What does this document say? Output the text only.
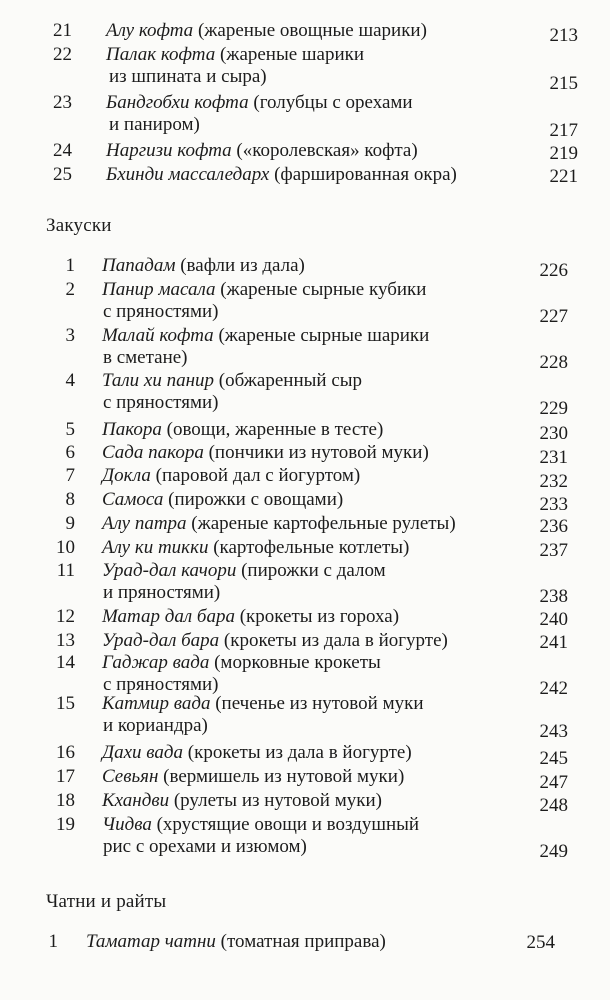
21 Алу кофта (жареные овощные шарики)	213
22 Палак кофта (жареные шарики
из шпината и сыра)	215
23 Бандгобхи кофта (голубцы с орехами
и паниром)	217
24 Наргизи кофта («королевская» кофта)	219
25 Бхинди массаледарх (фаршированная окра)	221
Закуски
1 Пападам (вафли из дала)	226
2 Панир масала (жареные сырные кубики
с пряностями)	227
3 Малай кофта (жареные сырные шарики
в сметане)	228
4 Тали хи панир (обжаренный сыр
с пряностями)	229
5 Пакора (овощи, жаренные в тесте)	230
6 Сада пакора (пончики из нутовой муки)	231
7 Докла (паровой дал с йогуртом)	232
8 Самоса (пирожки с овощами)	233
9 Алу патра (жареные картофельные рулеты)	236
10 Алу ки тикки (картофельные котлеты)	237
11 Урад-дал качори (пирожки с далом
и пряностями)	238
12 Матар дал бара (крокеты из гороха)	240
13 Урад-дал бара (крокеты из дала в йогурте)	241
14 Гаджар вада (морковные крокеты
с пряностями)	242
15 Катмир вада (печенье из нутовой муки
и кориандра)	243
16 Дахи вада (крокеты из дала в йогурте)	245
17 Севьян (вермишель из нутовой муки)	247
18 Кхандви (рулеты из нутовой муки)	248
19 Чидва (хрустящие овощи и воздушный
рис с орехами и изюмом)	249
Чатни и райты
1 Таматар чатни (томатная приправа)	254
